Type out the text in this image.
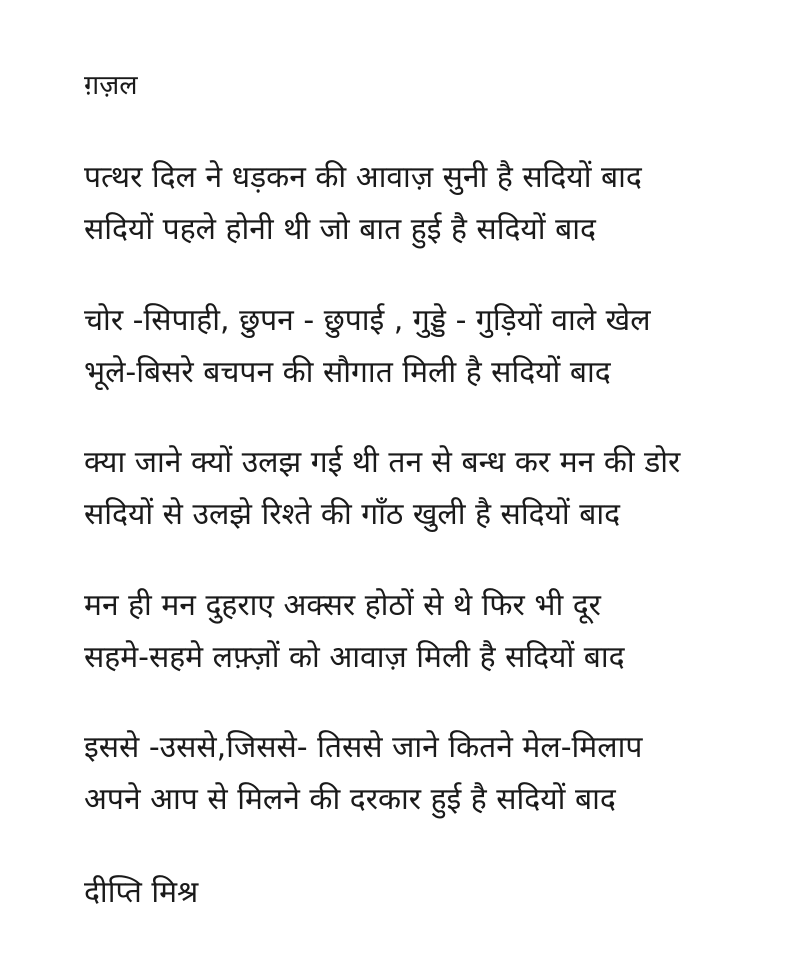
ग़ज़ल
पत्थर दिल ने धड़कन की आवाज़ सुनी है सदियों बाद
सदियों पहले होनी थी जो बात हुई है सदियों बाद
चोर -सिपाही, छुपन - छुपाई , गुड्डे - गुड़ियों वाले खेल
भूले-बिसरे बचपन की सौगात मिली है सदियों बाद
क्या जाने क्यों उलझ गई थी तन से बन्ध कर मन की डोर
सदियों से उलझे रिश्ते की गाँठ खुली है सदियों बाद
मन ही मन दुहराए अक्सर होठों से थे फिर भी दूर
सहमे-सहमे लफ़्ज़ों को आवाज़ मिली है सदियों बाद
इससे -उससे,जिससे- तिससे जाने कितने मेल-मिलाप
अपने आप से मिलने की दरकार हुई है सदियों बाद
दीप्ति मिश्र
